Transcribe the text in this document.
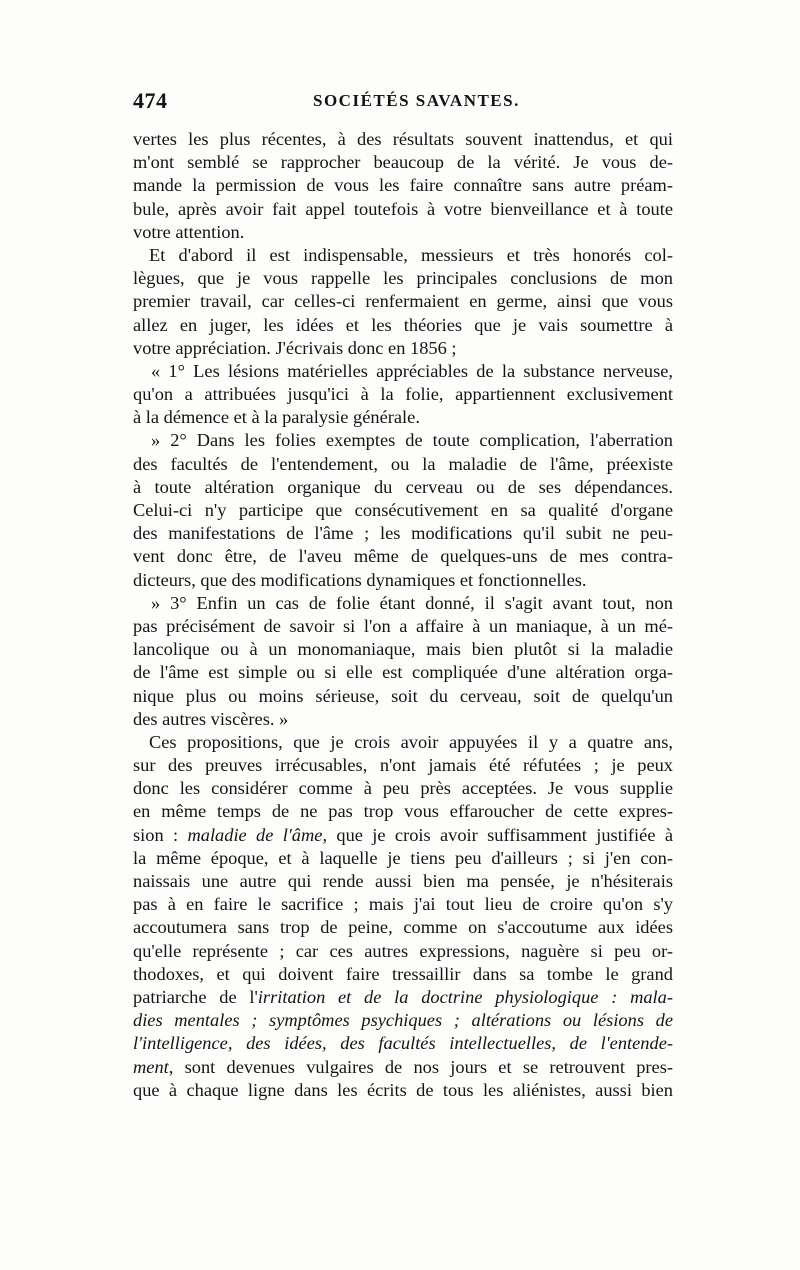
474	SOCIÉTÉS SAVANTES.
vertes les plus récentes, à des résultats souvent inattendus, et qui
m'ont semblé se rapprocher beaucoup de la vérité. Je vous de-
mande la permission de vous les faire connaître sans autre préam-
bule, après avoir fait appel toutefois à votre bienveillance et à toute
votre attention.
Et d'abord il est indispensable, messieurs et très honorés col-
lègues, que je vous rappelle les principales conclusions de mon
premier travail, car celles-ci renfermaient en germe, ainsi que vous
allez en juger, les idées et les théories que je vais soumettre à
votre appréciation. J'écrivais donc en 1856 ;
« 1° Les lésions matérielles appréciables de la substance nerveuse,
qu'on a attribuées jusqu'ici à la folie, appartiennent exclusivement
à la démence et à la paralysie générale.
» 2° Dans les folies exemptes de toute complication, l'aberration
des facultés de l'entendement, ou la maladie de l'âme, préexiste
à toute altération organique du cerveau ou de ses dépendances.
Celui-ci n'y participe que consécutivement en sa qualité d'organe
des manifestations de l'âme ; les modifications qu'il subit ne peu-
vent donc être, de l'aveu même de quelques-uns de mes contra-
dicteurs, que des modifications dynamiques et fonctionnelles.
» 3° Enfin un cas de folie étant donné, il s'agit avant tout, non
pas précisément de savoir si l'on a affaire à un maniaque, à un mé-
lancolique ou à un monomaniaque, mais bien plutôt si la maladie
de l'âme est simple ou si elle est compliquée d'une altération orga-
nique plus ou moins sérieuse, soit du cerveau, soit de quelqu'un
des autres viscères. »
Ces propositions, que je crois avoir appuyées il y a quatre ans,
sur des preuves irrécusables, n'ont jamais été réfutées ; je peux
donc les considérer comme à peu près acceptées. Je vous supplie
en même temps de ne pas trop vous effaroucher de cette expres-
sion : maladie de l'âme, que je crois avoir suffisamment justifiée à
la même époque, et à laquelle je tiens peu d'ailleurs ; si j'en con-
naissais une autre qui rende aussi bien ma pensée, je n'hésiterais
pas à en faire le sacrifice ; mais j'ai tout lieu de croire qu'on s'y
accoutumera sans trop de peine, comme on s'accoutume aux idées
qu'elle représente ; car ces autres expressions, naguère si peu or-
thodoxes, et qui doivent faire tressaillir dans sa tombe le grand
patriarche de l'irritation et de la doctrine physiologique : mala-
dies mentales ; symptômes psychiques ; altérations ou lésions de
l'intelligence, des idées, des facultés intellectuelles, de l'entende-
ment, sont devenues vulgaires de nos jours et se retrouvent pres-
que à chaque ligne dans les écrits de tous les aliénistes, aussi bien
